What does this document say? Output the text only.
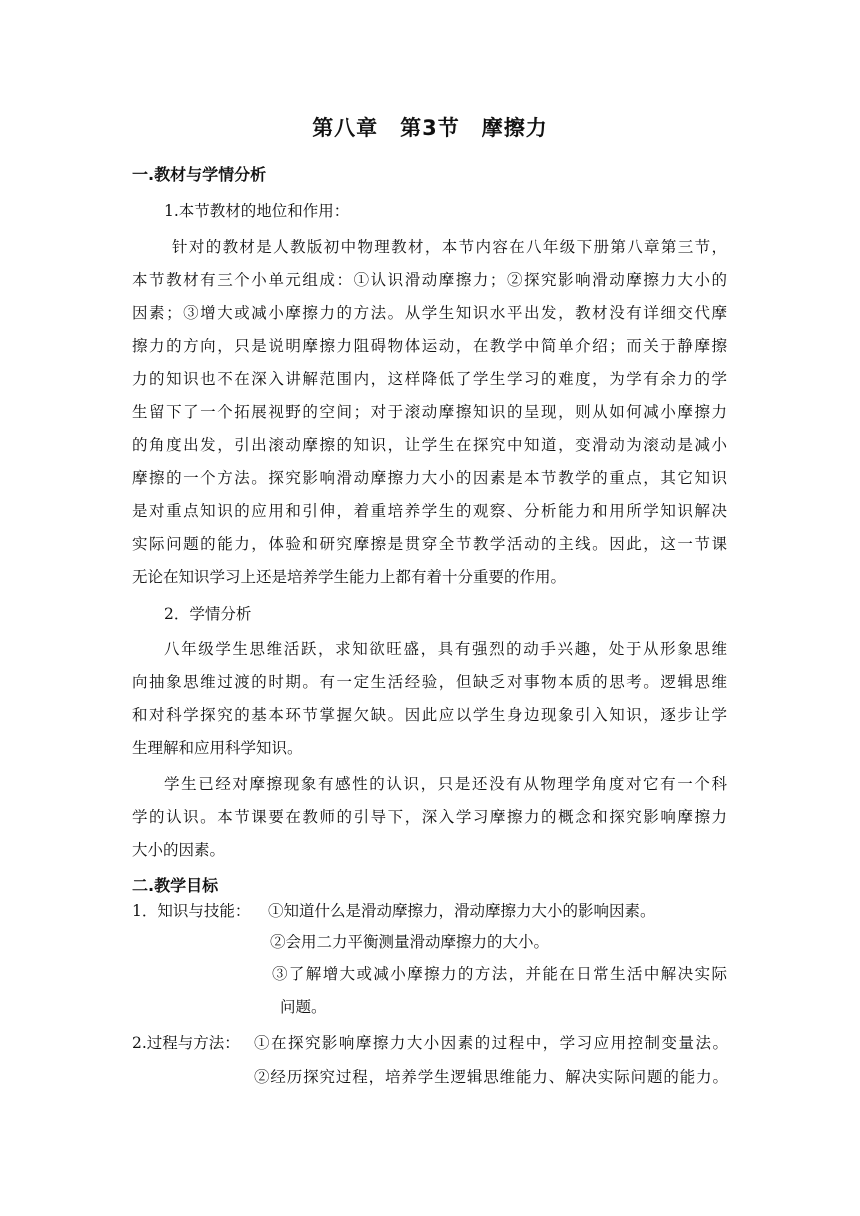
第八章　第3节　摩擦力
一.教材与学情分析
1.本节教材的地位和作用：
针对的教材是人教版初中物理教材，本节内容在八年级下册第八章第三节，
本节教材有三个小单元组成：①认识滑动摩擦力；②探究影响滑动摩擦力大小的
因素；③增大或减小摩擦力的方法。从学生知识水平出发，教材没有详细交代摩
擦力的方向，只是说明摩擦力阻碍物体运动，在教学中简单介绍；而关于静摩擦
力的知识也不在深入讲解范围内，这样降低了学生学习的难度，为学有余力的学
生留下了一个拓展视野的空间；对于滚动摩擦知识的呈现，则从如何减小摩擦力
的角度出发，引出滚动摩擦的知识，让学生在探究中知道，变滑动为滚动是减小
摩擦的一个方法。探究影响滑动摩擦力大小的因素是本节教学的重点，其它知识
是对重点知识的应用和引伸，着重培养学生的观察、分析能力和用所学知识解决
实际问题的能力，体验和研究摩擦是贯穿全节教学活动的主线。因此，这一节课
无论在知识学习上还是培养学生能力上都有着十分重要的作用。
2．学情分析
八年级学生思维活跃，求知欲旺盛，具有强烈的动手兴趣，处于从形象思维
向抽象思维过渡的时期。有一定生活经验，但缺乏对事物本质的思考。逻辑思维
和对科学探究的基本环节掌握欠缺。因此应以学生身边现象引入知识，逐步让学
生理解和应用科学知识。
学生已经对摩擦现象有感性的认识，只是还没有从物理学角度对它有一个科
学的认识。本节课要在教师的引导下，深入学习摩擦力的概念和探究影响摩擦力
大小的因素。
二.教学目标
1．知识与技能： ①知道什么是滑动摩擦力，滑动摩擦力大小的影响因素。
②会用二力平衡测量滑动摩擦力的大小。
③了解增大或减小摩擦力的方法，并能在日常生活中解决实际
问题。
2.过程与方法： ①在探究影响摩擦力大小因素的过程中，学习应用控制变量法。
②经历探究过程，培养学生逻辑思维能力、解决实际问题的能力。
